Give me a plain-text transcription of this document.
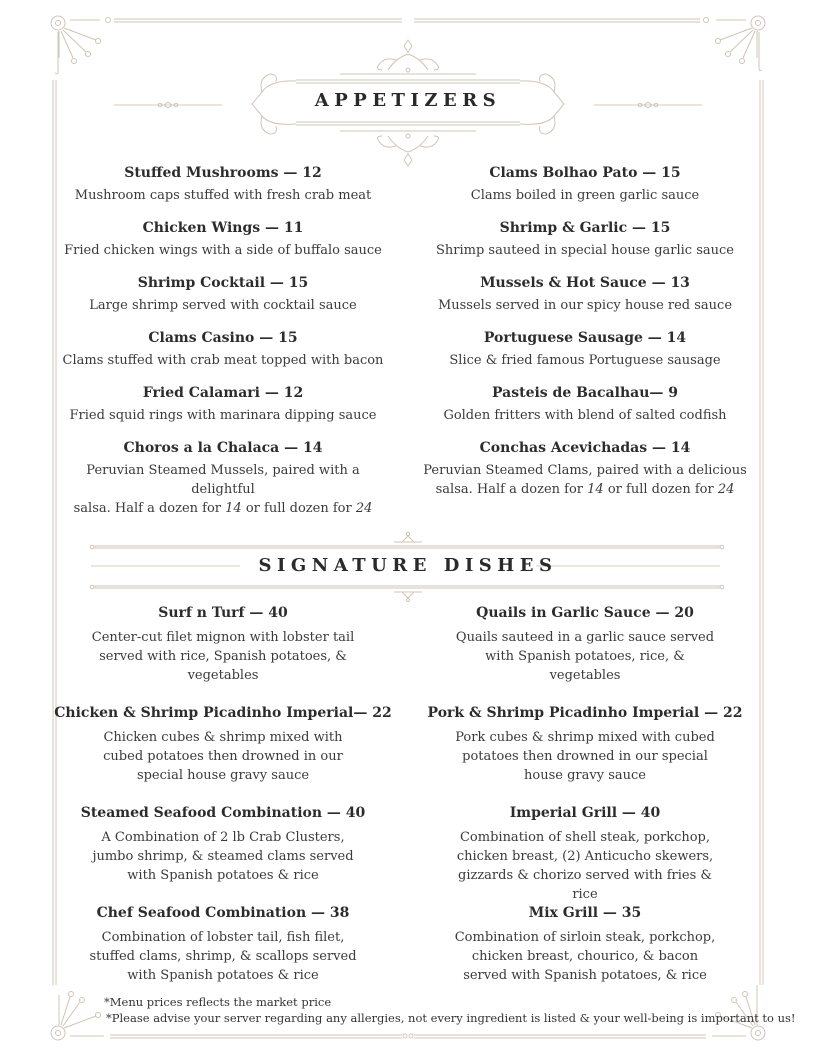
APPETIZERS
SIGNATURE DISHES
Stuffed Mushrooms — 12
Mushroom caps stuffed with fresh crab meat
Chicken Wings — 11
Fried chicken wings with a side of buffalo sauce
Shrimp Cocktail — 15
Large shrimp served with cocktail sauce
Clams Casino — 15
Clams stuffed with crab meat topped with bacon
Fried Calamari — 12
Fried squid rings with marinara dipping sauce
Choros a la Chalaca — 14
Peruvian Steamed Mussels, paired with a delightful
salsa. Half a dozen for 14 or full dozen for 24
Clams Bolhao Pato — 15
Clams boiled in green garlic sauce
Shrimp & Garlic — 15
Shrimp sauteed in special house garlic sauce
Mussels & Hot Sauce — 13
Mussels served in our spicy house red sauce
Portuguese Sausage — 14
Slice & fried famous Portuguese sausage
Pasteis de Bacalhau— 9
Golden fritters with blend of salted codfish
Conchas Acevichadas — 14
Peruvian Steamed Clams, paired with a delicious
salsa. Half a dozen for 14 or full dozen for 24
Surf n Turf — 40
Center-cut filet mignon with lobster tail served with rice, Spanish potatoes, & vegetables
Chicken & Shrimp Picadinho Imperial— 22
Chicken cubes & shrimp mixed with cubed potatoes then drowned in our special house gravy sauce
Steamed Seafood Combination — 40
A Combination of 2 lb Crab Clusters, jumbo shrimp, & steamed clams served with Spanish potatoes & rice
Chef Seafood Combination — 38
Combination of lobster tail, fish filet, stuffed clams, shrimp, & scallops served with Spanish potatoes & rice
Quails in Garlic Sauce — 20
Quails sauteed in a garlic sauce served with Spanish potatoes, rice, & vegetables
Pork & Shrimp Picadinho Imperial — 22
Pork cubes & shrimp mixed with cubed potatoes then drowned in our special house gravy sauce
Imperial Grill — 40
Combination of shell steak, porkchop, chicken breast, (2) Anticucho skewers, gizzards & chorizo served with fries & rice
Mix Grill — 35
Combination of sirloin steak, porkchop, chicken breast, chourico, & bacon served with Spanish potatoes, & rice
*Menu prices reflects the market price
*Please advise your server regarding any allergies, not every ingredient is listed & your well-being is important to us!
